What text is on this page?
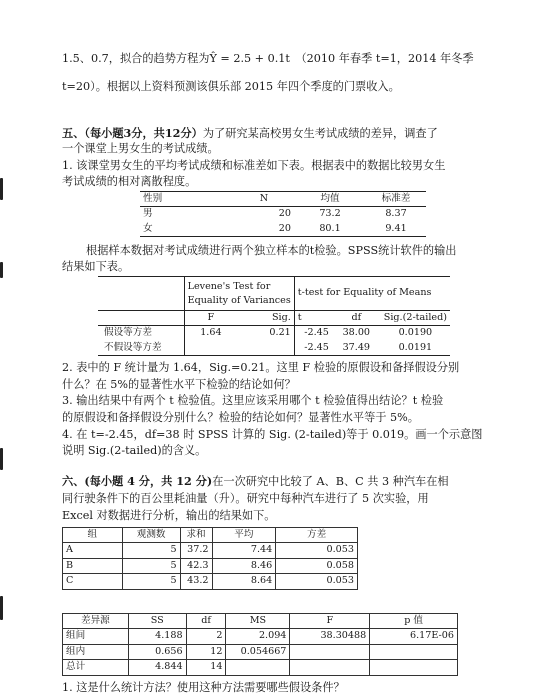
1.5、0.7，拟合的趋势方程为Ŷ = 2.5 + 0.1t　（2010 年春季 t=1，2014 年冬季
t=20）。根据以上资料预测该俱乐部 2015 年四个季度的门票收入。
五、（每小题3分，共12分）为了研究某高校男女生考试成绩的差异，调查了
一个课堂上男女生的考试成绩。
1. 该课堂男女生的平均考试成绩和标准差如下表。根据表中的数据比较男女生
考试成绩的相对离散程度。
性别	N	均值	标准差
男	20	73.2	8.37
女	20	80.1	9.41
根据样本数据对考试成绩进行两个独立样本的t检验。SPSS统计软件的输出
结果如下表。
	Levene's Test for
Equality of Variances		t-test for Equality of Means		
	F	Sig.	t	df	Sig.(2-tailed)
假设等方差	1.64	0.21	-2.45	38.00	0.0190
不假设等方差			-2.45	37.49	0.0191
2. 表中的 F 统计量为 1.64，Sig.=0.21。这里 F 检验的原假设和备择假设分别
什么？在 5%的显著性水平下检验的结论如何？
3. 输出结果中有两个 t 检验值。这里应该采用哪个 t 检验值得出结论？t 检验
的原假设和备择假设分别什么？检验的结论如何？显著性水平等于 5%。
4. 在 t=-2.45，df=38 时 SPSS 计算的 Sig. (2-tailed)等于 0.019。画一个示意图
说明 Sig.(2-tailed)的含义。
六、(每小题 4 分，共 12 分)在一次研究中比较了 A、B、C 共 3 种汽车在相
同行驶条件下的百公里耗油量（升）。研究中每种汽车进行了 5 次实验，用
Excel 对数据进行分析，输出的结果如下。
组	观测数	求和	平均	方差
A	5	37.2	7.44	0.053
B	5	42.3	8.46	0.058
C	5	43.2	8.64	0.053
差异源	SS	df	MS	F	p 值
组间	4.188	2	2.094	38.30488	6.17E-06
组内	0.656	12	0.054667		
总计	4.844	14			
1. 这是什么统计方法？使用这种方法需要哪些假设条件？
